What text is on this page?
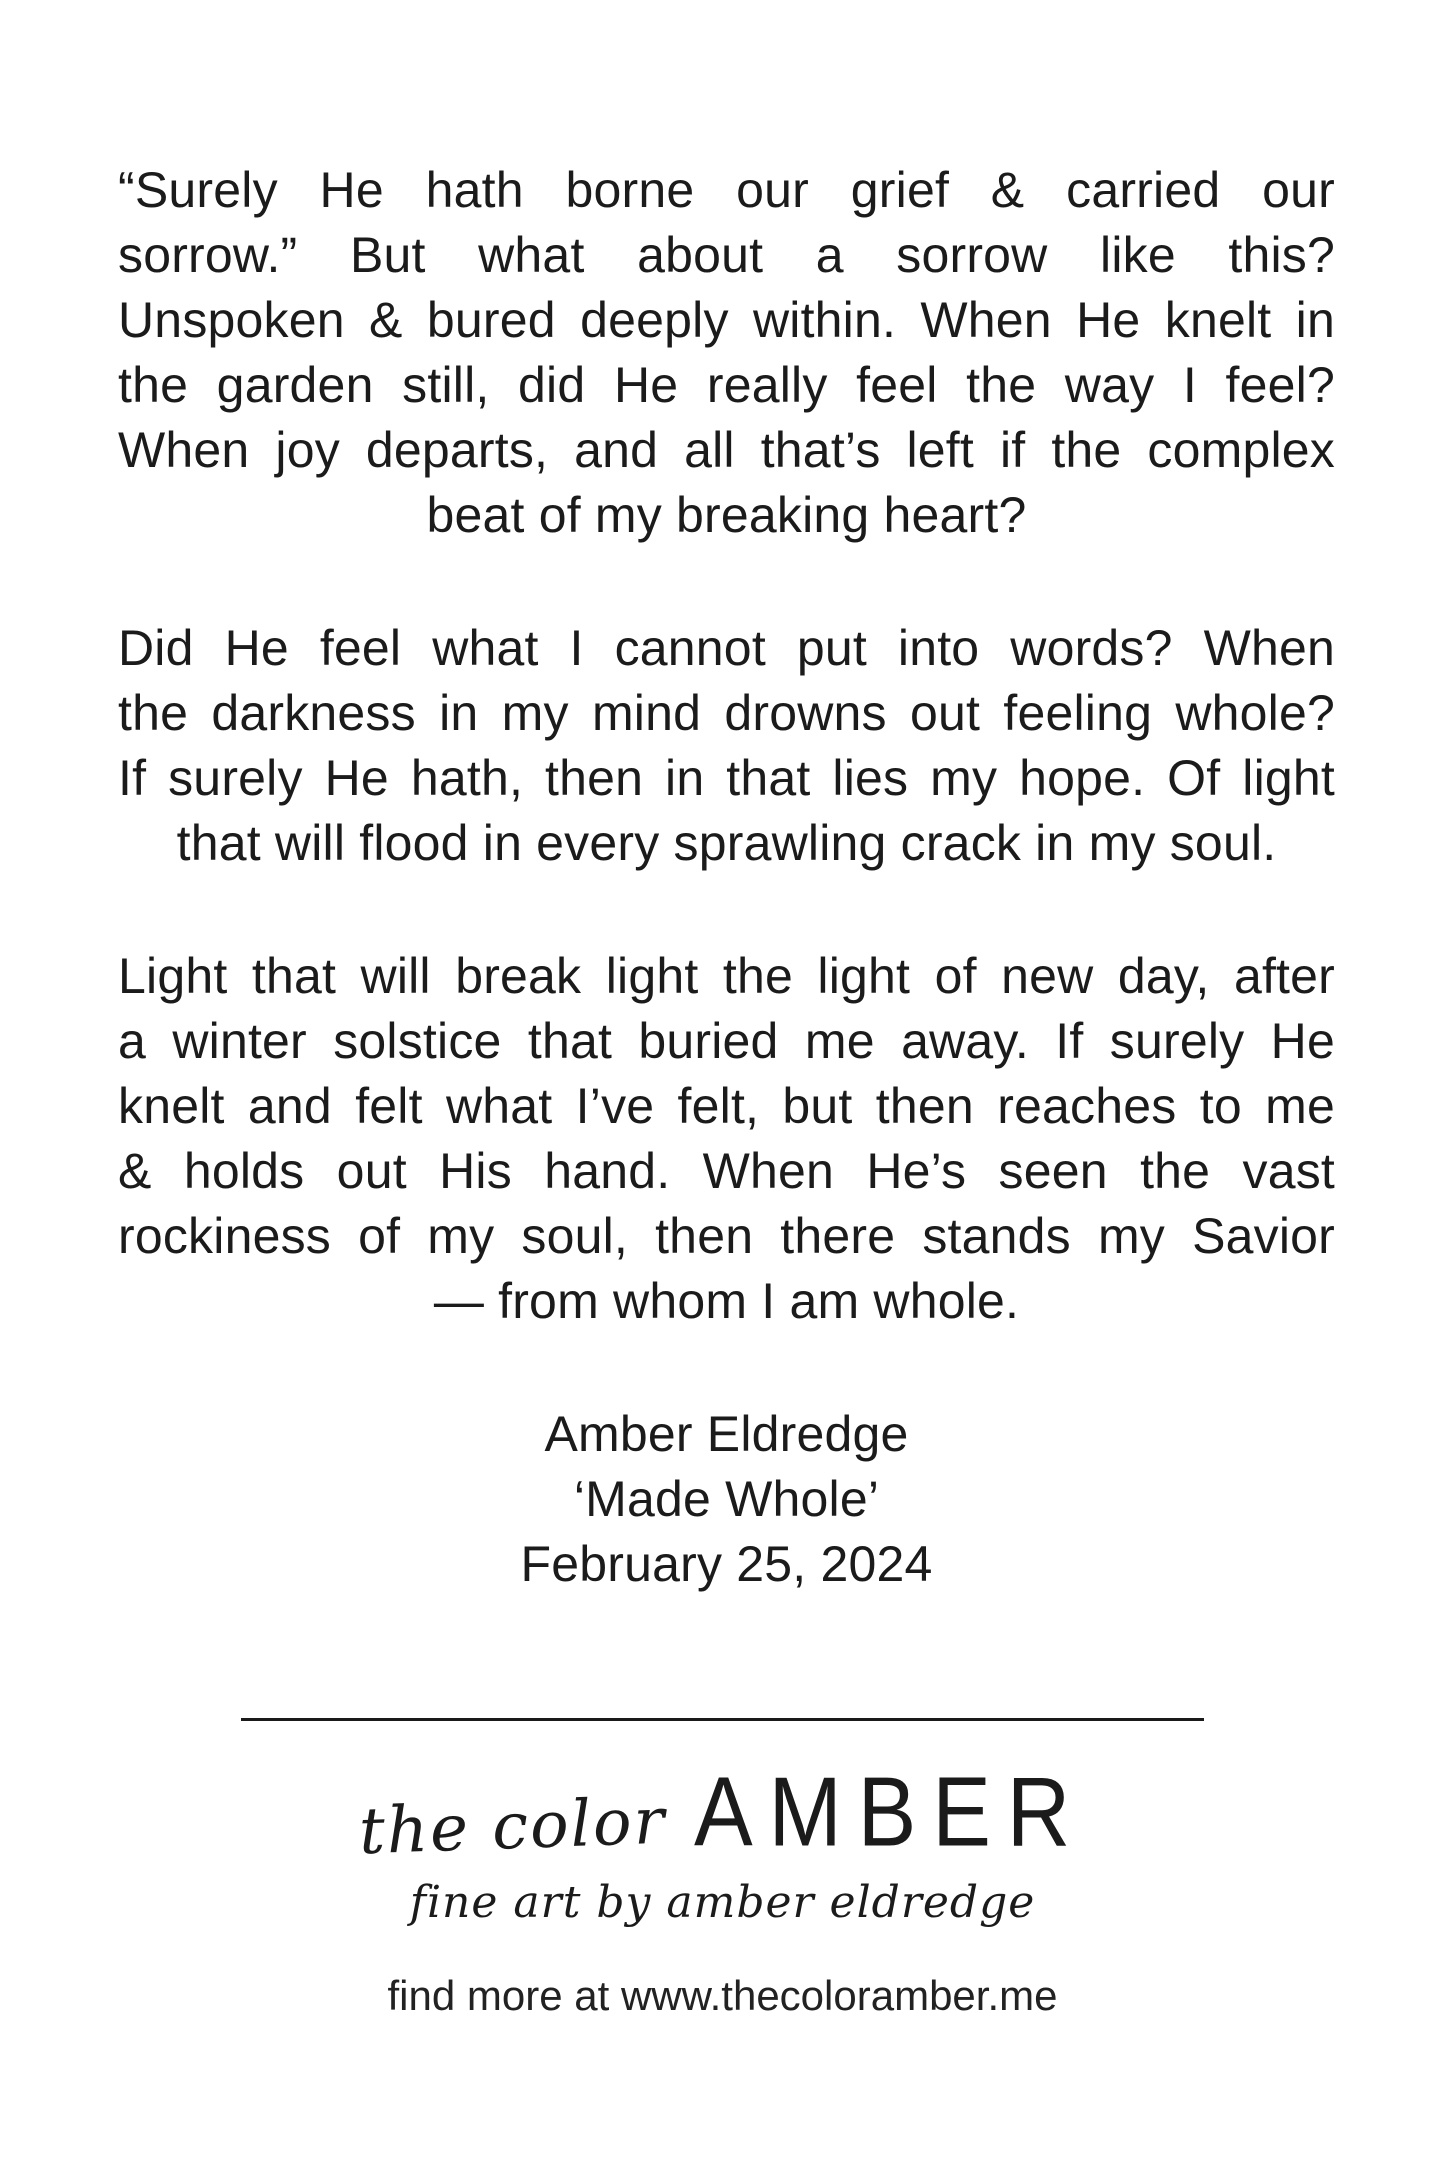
“Surely He hath borne our grief & carried our
sorrow.” But what about a sorrow like this?
Unspoken & bured deeply within. When He knelt in
the garden still, did He really feel the way I feel?
When joy departs, and all that’s left if the complex
beat of my breaking heart?
Did He feel what I cannot put into words? When
the darkness in my mind drowns out feeling whole?
If surely He hath, then in that lies my hope. Of light
that will flood in every sprawling crack in my soul.
Light that will break light the light of new day, after
a winter solstice that buried me away. If surely He
knelt and felt what I’ve felt, but then reaches to me
& holds out His hand. When He’s seen the vast
rockiness of my soul, then there stands my Savior
— from whom I am whole.
Amber Eldredge
‘Made Whole’
February 25, 2024
the color AMBER
fine art by amber eldredge
find more at www.thecoloramber.me
